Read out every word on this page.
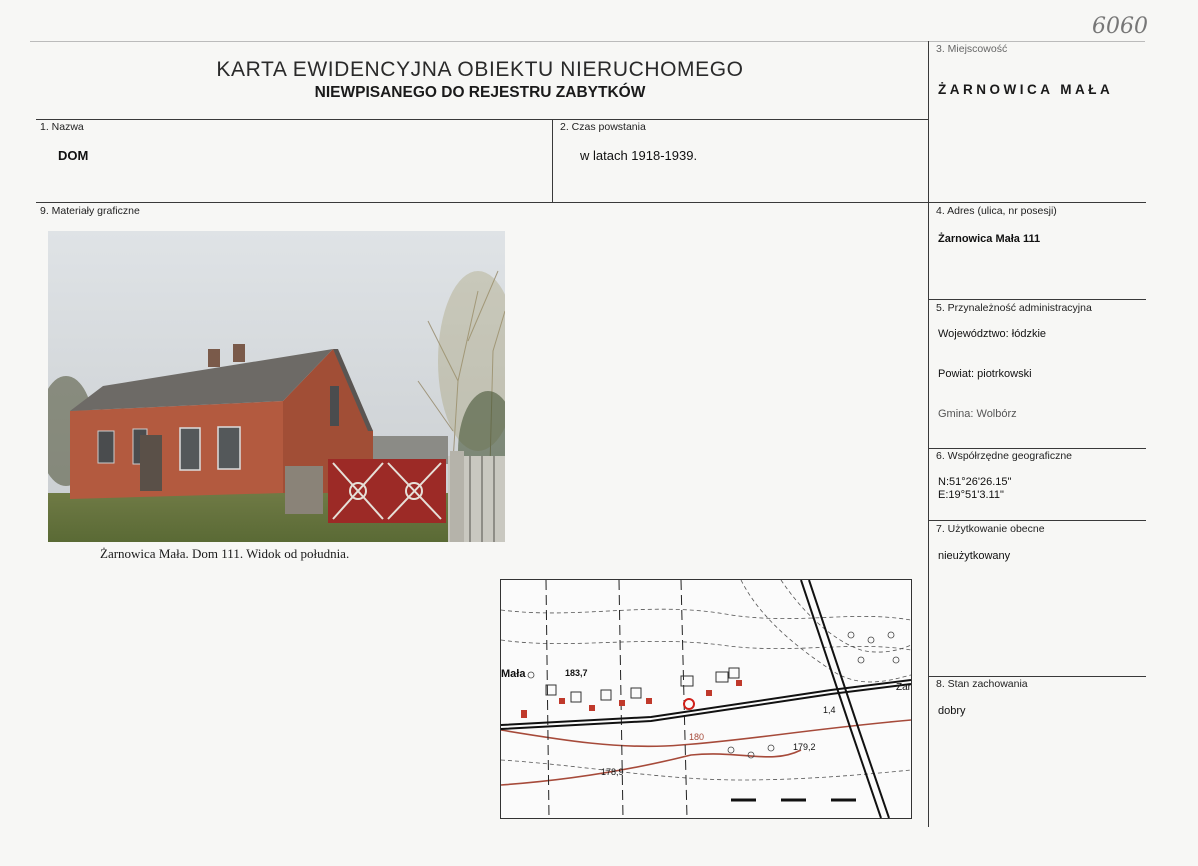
6060
KARTA EWIDENCYJNA OBIEKTU NIERUCHOMEGO
NIEWPISANEGO DO REJESTRU ZABYTKÓW
3. Miejscowość
ŻARNOWICA MAŁA
1. Nazwa
DOM
2. Czas powstania
w latach 1918-1939.
9. Materiały graficzne	4. Adres (ulica, nr posesji)
Żarnowica Mała 111
5. Przynależność administracyjna
Województwo: łódzkie
Powiat: piotrkowski
Gmina: Wolbórz
6. Współrzędne geograficzne
N:51°26'26.15"
E:19°51'3.11"
7. Użytkowanie obecne
nieużytkowany
8. Stan zachowania
dobry
Żarnowica Mała. Dom 111. Widok od południa.
Mała	183,7
180
179,2
178,9
1,4
Żar
